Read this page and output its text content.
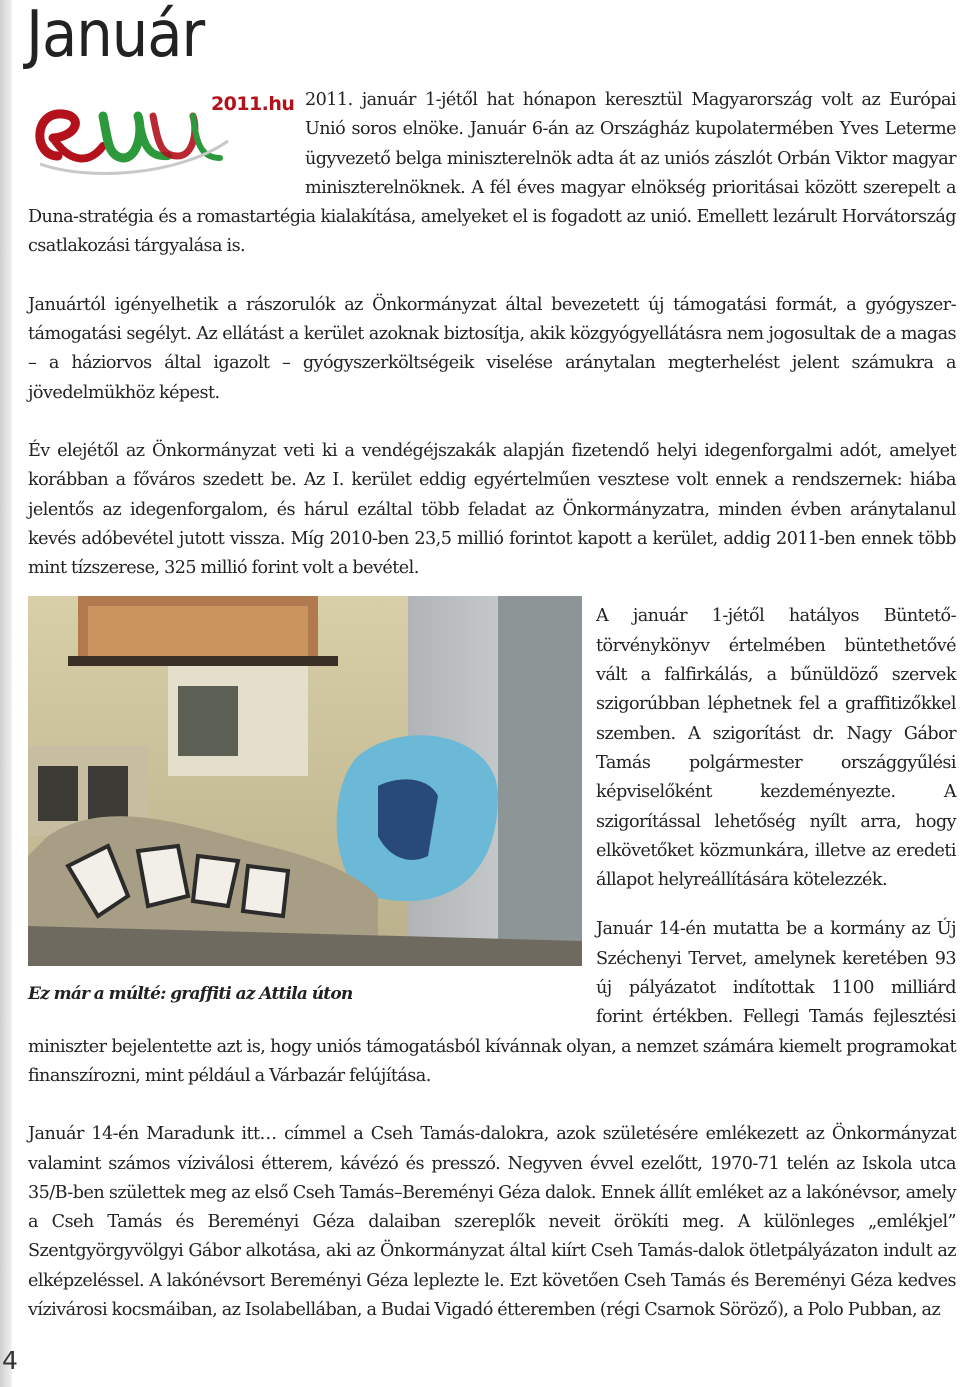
Január

2011.hu 2011. január 1-jétől hat hónapon keresztül Magyarország volt az Európai Unió soros elnöke. Január 6-án az Országház kupolatermében Yves Leterme ügyvezető belga miniszterelnök adta át az uniós zászlót Orbán Viktor magyar miniszterelnöknek. A fél éves magyar elnökség prioritásai között szerepelt a Duna-stratégia és a romastartégia kialakítása, amelyeket el is fogadott az unió. Emellett lezárult Horvátország csatlakozási tárgyalása is.

Januártól igényelhetik a rászorulók az Önkormányzat által bevezetett új támogatási formát, a gyógyszer-támogatási segélyt. Az ellátást a kerület azoknak biztosítja, akik közgyógyellátásra nem jogosultak de a magas – a háziorvos által igazolt – gyógyszerköltségeik viselése aránytalan megterhelést jelent számukra a jövedelmükhöz képest.

Év elejétől az Önkormányzat veti ki a vendégéjszakák alapján fizetendő helyi idegenforgalmi adót, amelyet korábban a főváros szedett be. Az I. kerület eddig egyértelműen vesztese volt ennek a rendszernek: hiába jelentős az idegenforgalom, és hárul ezáltal több feladat az Önkormányzatra, minden évben aránytalanul kevés adóbevétel jutott vissza. Míg 2010-ben 23,5 millió forintot kapott a kerület, addig 2011-ben ennek több mint tízszerese, 325 millió forint volt a bevétel.

Ez már a múlté: graffiti az Attila úton

A január 1-jétől hatályos Büntető-törvénykönyv értelmében büntethetővé vált a falfirkálás, a bűnüldöző szervek szigorúbban léphetnek fel a graffitizőkkel szemben. A szigorítást dr. Nagy Gábor Tamás polgármester országgyűlési képviselőként kezdeményezte. A szigorítással lehetőség nyílt arra, hogy elkövetőket közmunkára, illetve az eredeti állapot helyreállítására kötelezzék.

Január 14-én mutatta be a kormány az Új Széchenyi Tervet, amelynek keretében 93 új pályázatot indítottak 1100 milliárd forint értékben. Fellegi Tamás fejlesztési miniszter bejelentette azt is, hogy uniós támogatásból kívánnak olyan, a nemzet számára kiemelt programokat finanszírozni, mint például a Várbazár felújítása.

Január 14-én Maradunk itt… címmel a Cseh Tamás-dalokra, azok születésére emlékezett az Önkormányzat valamint számos víziválosi étterem, kávézó és presszó. Negyven évvel ezelőtt, 1970-71 telén az Iskola utca 35/B-ben születtek meg az első Cseh Tamás–Bereményi Géza dalok. Ennek állít emléket az a lakónévsor, amely a Cseh Tamás és Bereményi Géza dalaiban szereplők neveit örökíti meg. A különleges „emlékjel” Szentgyörgyvölgyi Gábor alkotása, aki az Önkormányzat által kiírt Cseh Tamás-dalok ötletpályázaton indult az elképzeléssel. A lakónévsort Bereményi Géza leplezte le. Ezt követően Cseh Tamás és Bereményi Géza kedves vízivárosi kocsmáiban, az Isolabellában, a Budai Vigadó étteremben (régi Csarnok Söröző), a Polo Pubban, az

4
